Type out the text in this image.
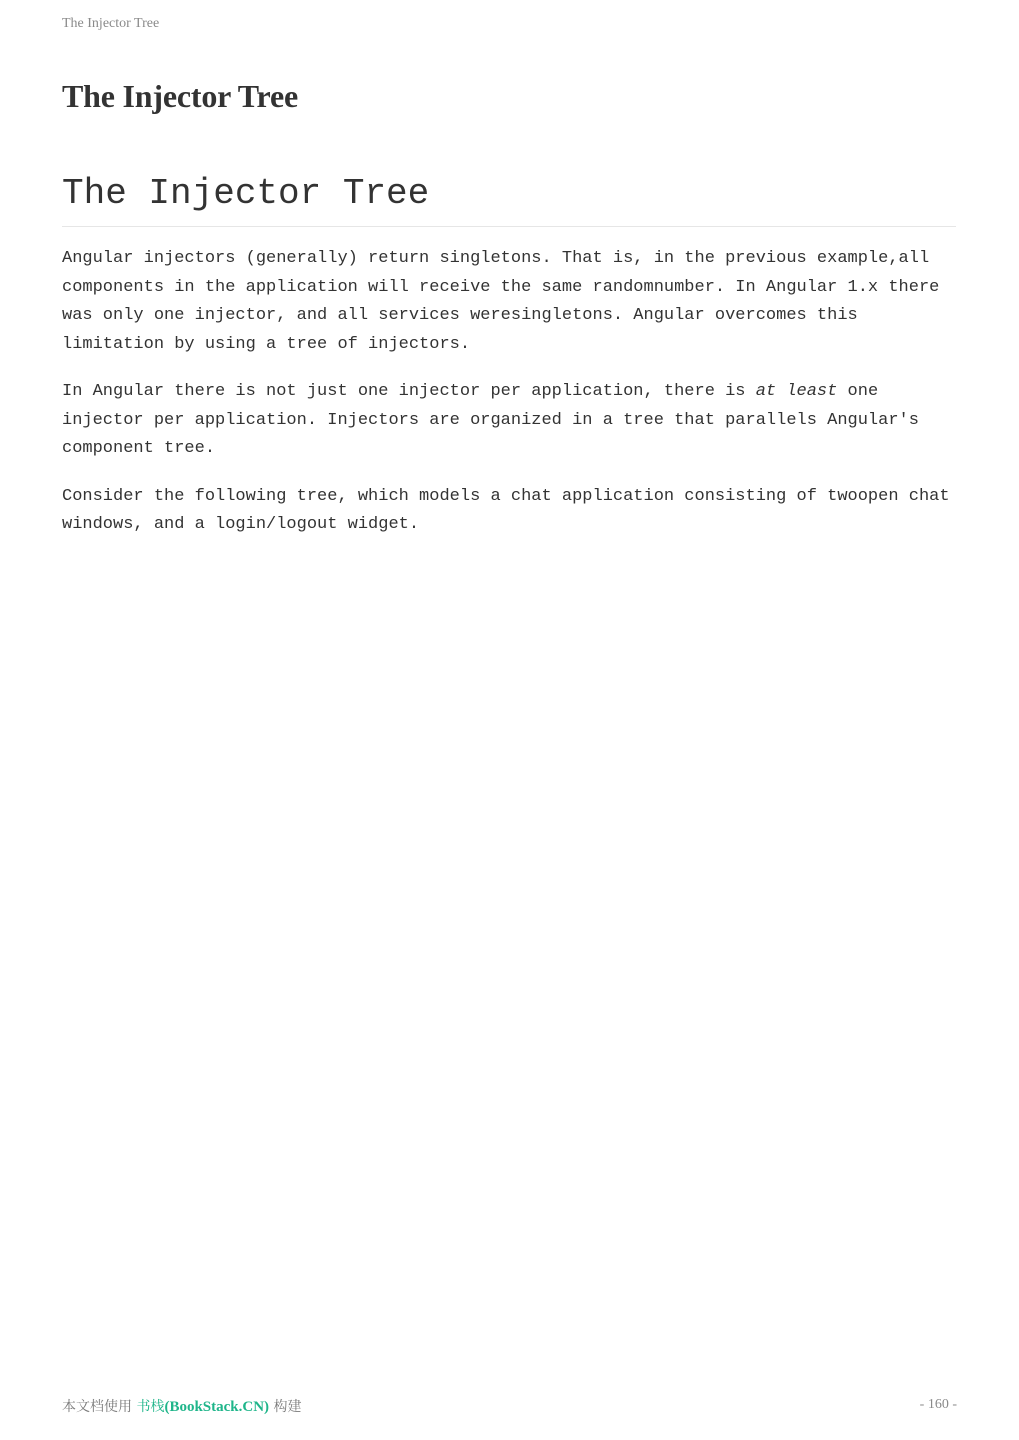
The Injector Tree
The Injector Tree
The Injector Tree

Angular injectors (generally) return singletons. That is, in the previous example,all components in the application will receive the same randomnumber. In Angular 1.x there was only one injector, and all services weresingletons. Angular overcomes this limitation by using a tree of injectors.

In Angular there is not just one injector per application, there is at least one injector per application. Injectors are organized in a tree that parallels Angular's component tree.

Consider the following tree, which models a chat application consisting of twoopen chat windows, and a login/logout widget.

本文档使用 书栈(BookStack.CN) 构建	- 160 -
